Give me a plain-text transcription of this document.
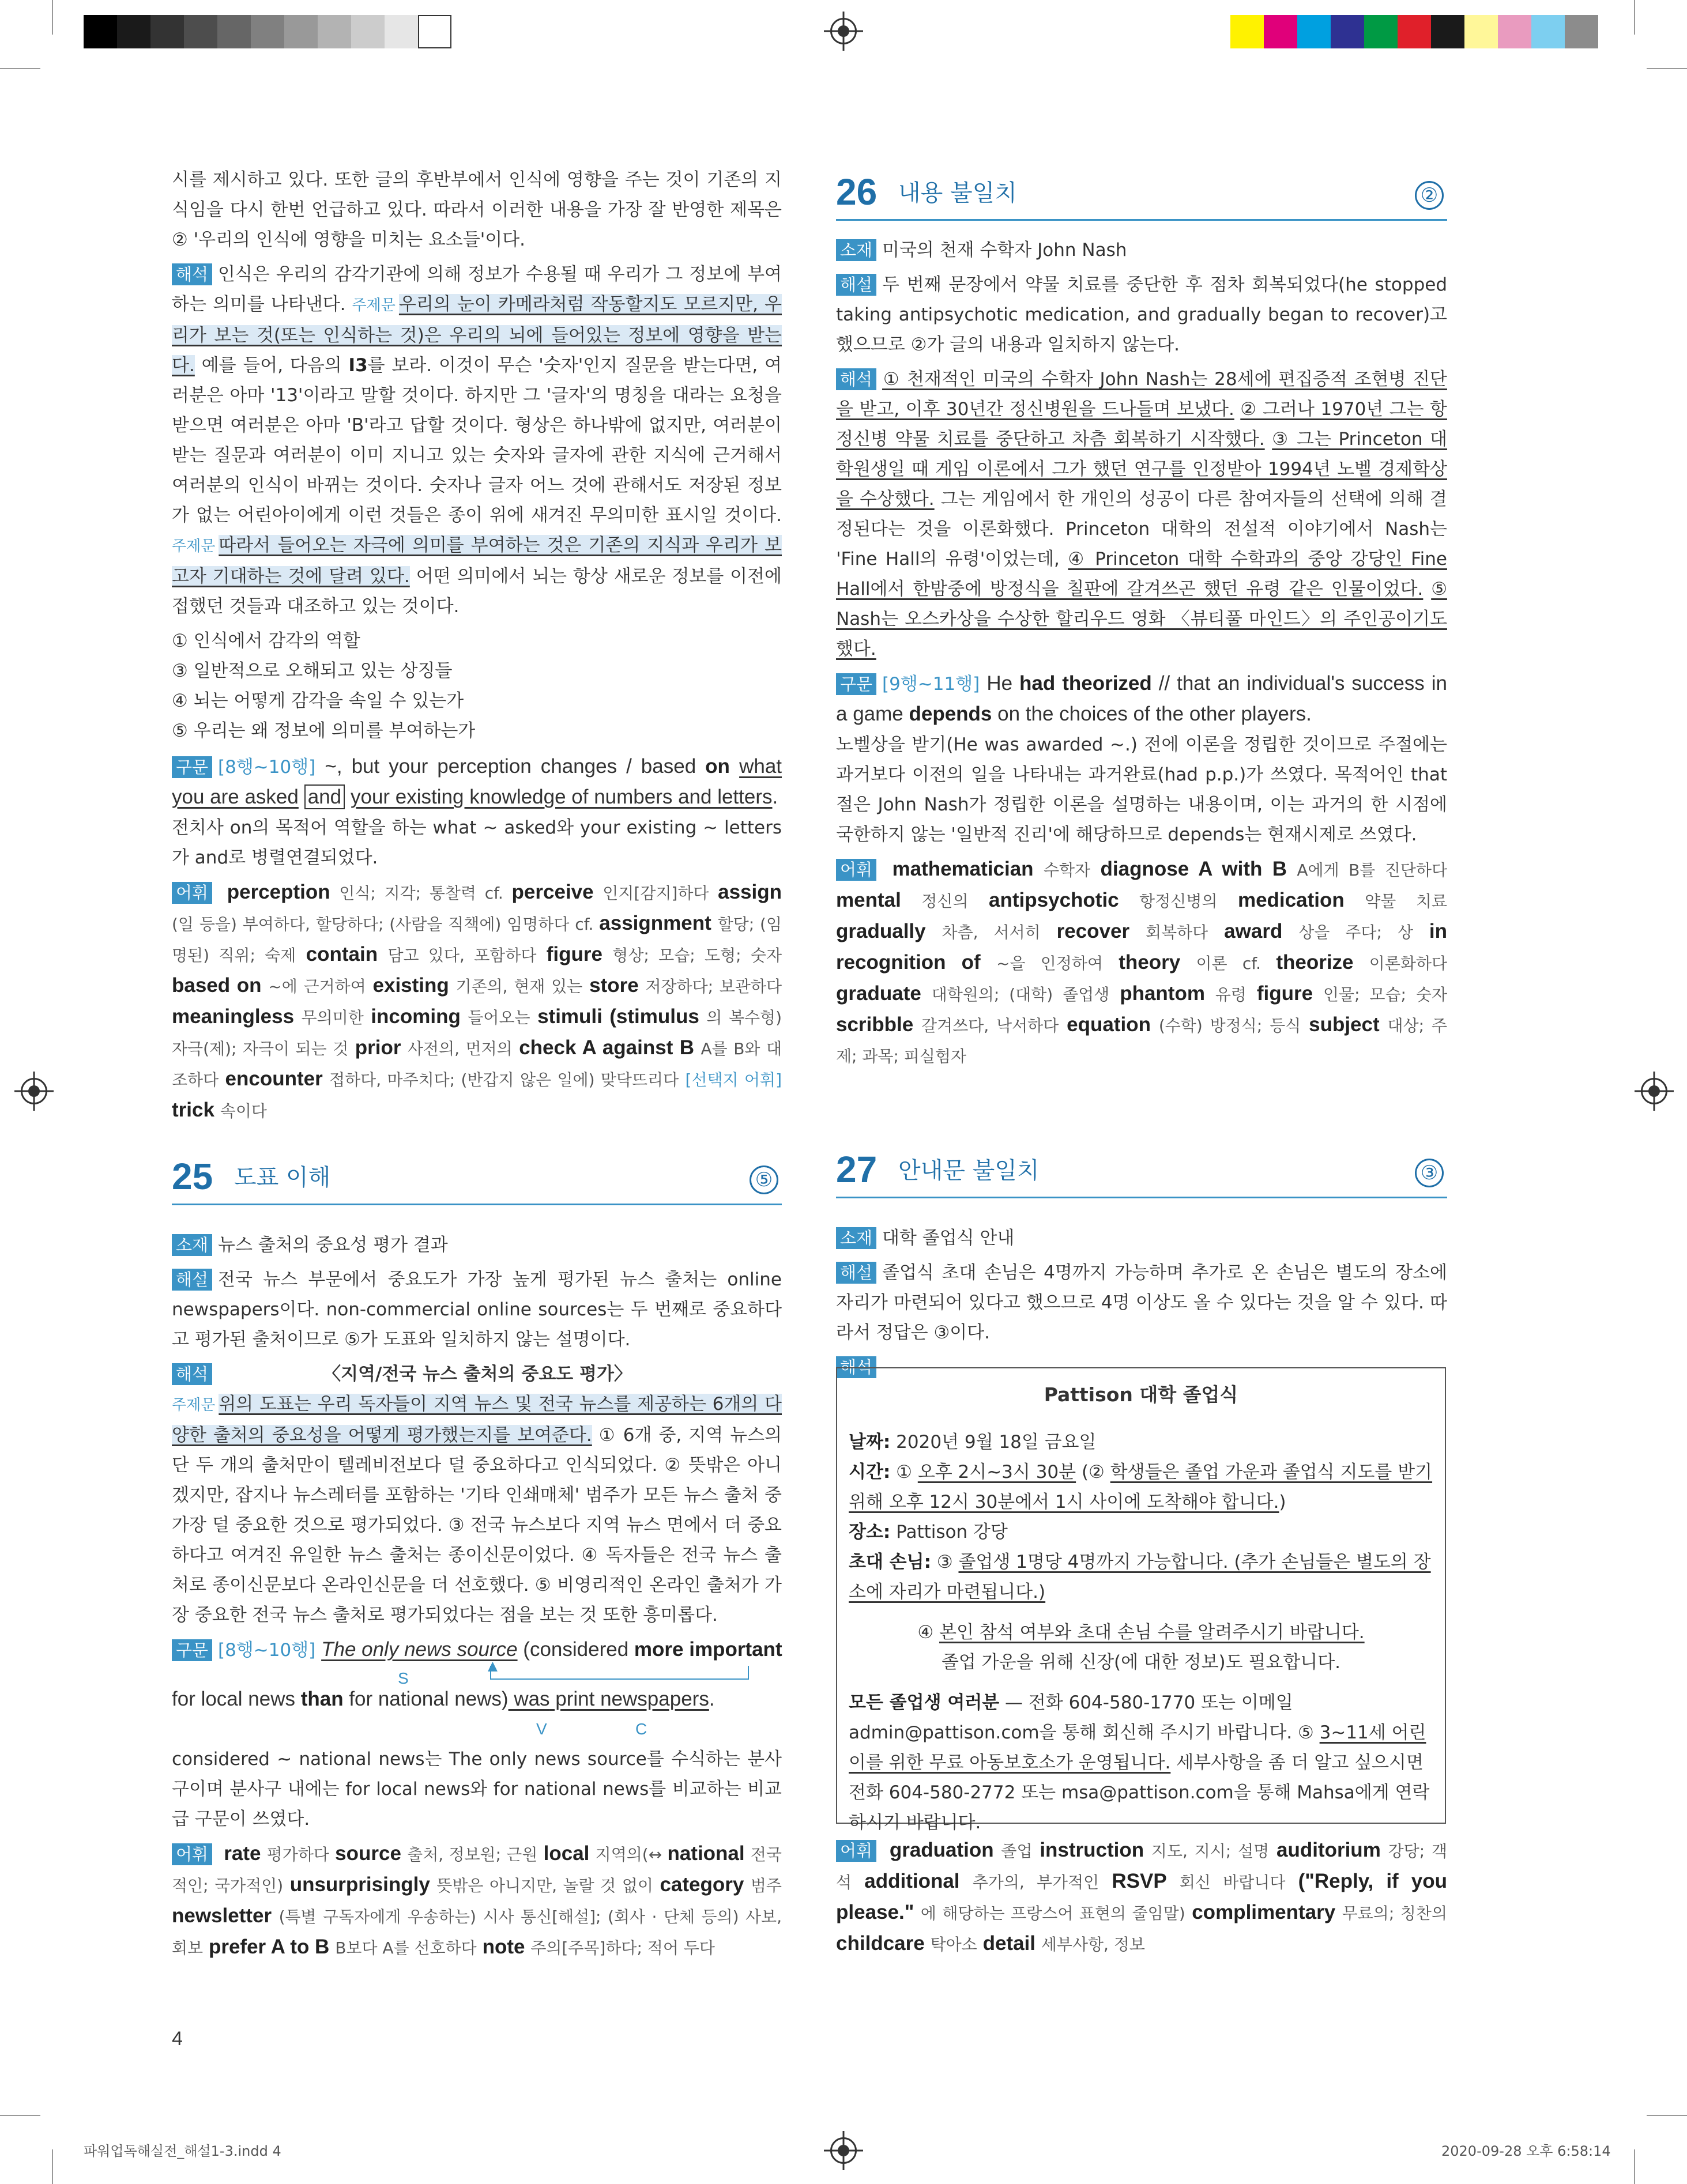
시를 제시하고 있다. 또한 글의 후반부에서 인식에 영향을 주는 것이 기존의 지식임을 다시 한번 언급하고 있다. 따라서 이러한 내용을 가장 잘 반영한 제목은 ② '우리의 인식에 영향을 미치는 요소들'이다.

해석 인식은 우리의 감각기관에 의해 정보가 수용될 때 우리가 그 정보에 부여하는 의미를 나타낸다. 주제문 우리의 눈이 카메라처럼 작동할지도 모르지만, 우리가 보는 것(또는 인식하는 것)은 우리의 뇌에 들어있는 정보에 영향을 받는다. 예를 들어, 다음의 I3를 보라. 이것이 무슨 '숫자'인지 질문을 받는다면, 여러분은 아마 '13'이라고 말할 것이다. 하지만 그 '글자'의 명칭을 대라는 요청을 받으면 여러분은 아마 'B'라고 답할 것이다. 형상은 하나밖에 없지만, 여러분이 받는 질문과 여러분이 이미 지니고 있는 숫자와 글자에 관한 지식에 근거해서 여러분의 인식이 바뀌는 것이다. 숫자나 글자 어느 것에 관해서도 저장된 정보가 없는 어린아이에게 이런 것들은 종이 위에 새겨진 무의미한 표시일 것이다. 주제문 따라서 들어오는 자극에 의미를 부여하는 것은 기존의 지식과 우리가 보고자 기대하는 것에 달려 있다. 어떤 의미에서 뇌는 항상 새로운 정보를 이전에 접했던 것들과 대조하고 있는 것이다.

① 인식에서 감각의 역할

③ 일반적으로 오해되고 있는 상징들

④ 뇌는 어떻게 감각을 속일 수 있는가

⑤ 우리는 왜 정보에 의미를 부여하는가

구문 [8행~10행] ~, but your perception changes / based on what you are asked and your existing knowledge of numbers and letters.
전치사 on의 목적어 역할을 하는 what ~ asked와 your existing ~ letters가 and로 병렬연결되었다.

어휘 perception 인식; 지각; 통찰력 cf. perceive 인지[감지]하다 assign (일 등을) 부여하다, 할당하다; (사람을 직책에) 임명하다 cf. assignment 할당; (임명된) 직위; 숙제 contain 담고 있다, 포함하다 figure 형상; 모습; 도형; 숫자 based on ~에 근거하여 existing 기존의, 현재 있는 store 저장하다; 보관하다 meaningless 무의미한 incoming 들어오는 stimuli (stimulus 의 복수형) 자극(제); 자극이 되는 것 prior 사전의, 먼저의 check A against B A를 B와 대조하다 encounter 접하다, 마주치다; (반갑지 않은 일에) 맞닥뜨리다 [선택지 어휘] trick 속이다

26 내용 불일치	②

소재 미국의 천재 수학자 John Nash

해설 두 번째 문장에서 약물 치료를 중단한 후 점차 회복되었다(he stopped taking antipsychotic medication, and gradually began to recover)고 했으므로 ②가 글의 내용과 일치하지 않는다.

해석 ① 천재적인 미국의 수학자 John Nash는 28세에 편집증적 조현병 진단을 받고, 이후 30년간 정신병원을 드나들며 보냈다. ② 그러나 1970년 그는 항정신병 약물 치료를 중단하고 차츰 회복하기 시작했다. ③ 그는 Princeton 대학원생일 때 게임 이론에서 그가 했던 연구를 인정받아 1994년 노벨 경제학상을 수상했다. 그는 게임에서 한 개인의 성공이 다른 참여자들의 선택에 의해 결정된다는 것을 이론화했다. Princeton 대학의 전설적 이야기에서 Nash는 'Fine Hall의 유령'이었는데, ④ Princeton 대학 수학과의 중앙 강당인 Fine Hall에서 한밤중에 방정식을 칠판에 갈겨쓰곤 했던 유령 같은 인물이었다. ⑤ Nash는 오스카상을 수상한 할리우드 영화 〈뷰티풀 마인드〉의 주인공이기도 했다.

구문 [9행~11행] He had theorized // that an individual's success in a game depends on the choices of the other players.
노벨상을 받기(He was awarded ~.) 전에 이론을 정립한 것이므로 주절에는 과거보다 이전의 일을 나타내는 과거완료(had p.p.)가 쓰였다. 목적어인 that절은 John Nash가 정립한 이론을 설명하는 내용이며, 이는 과거의 한 시점에 국한하지 않는 '일반적 진리'에 해당하므로 depends는 현재시제로 쓰였다.

어휘 mathematician 수학자 diagnose A with B A에게 B를 진단하다 mental 정신의 antipsychotic 항정신병의 medication 약물 치료 gradually 차츰, 서서히 recover 회복하다 award 상을 주다; 상 in recognition of ~을 인정하여 theory 이론 cf. theorize 이론화하다 graduate 대학원의; (대학) 졸업생 phantom 유령 figure 인물; 모습; 숫자 scribble 갈겨쓰다, 낙서하다 equation (수학) 방정식; 등식 subject 대상; 주제; 과목; 피실험자

25 도표 이해	⑤

소재 뉴스 출처의 중요성 평가 결과

해설 전국 뉴스 부문에서 중요도가 가장 높게 평가된 뉴스 출처는 online newspapers이다. non-commercial online sources는 두 번째로 중요하다고 평가된 출처이므로 ⑤가 도표와 일치하지 않는 설명이다.

해석	〈지역/전국 뉴스 출처의 중요도 평가〉

주제문 위의 도표는 우리 독자들이 지역 뉴스 및 전국 뉴스를 제공하는 6개의 다양한 출처의 중요성을 어떻게 평가했는지를 보여준다. ① 6개 중, 지역 뉴스의 단 두 개의 출처만이 텔레비전보다 덜 중요하다고 인식되었다. ② 뜻밖은 아니겠지만, 잡지나 뉴스레터를 포함하는 '기타 인쇄매체' 범주가 모든 뉴스 출처 중 가장 덜 중요한 것으로 평가되었다. ③ 전국 뉴스보다 지역 뉴스 면에서 더 중요하다고 여겨진 유일한 뉴스 출처는 종이신문이었다. ④ 독자들은 전국 뉴스 출처로 종이신문보다 온라인신문을 더 선호했다. ⑤ 비영리적인 온라인 출처가 가장 중요한 전국 뉴스 출처로 평가되었다는 점을 보는 것 또한 흥미롭다.

구문 [8행~10행] The only news source (considered more important
S
▲
for local news than for national news) was print newspapers.
V	C

considered ~ national news는 The only news source를 수식하는 분사구이며 분사구 내에는 for local news와 for national news를 비교하는 비교급 구문이 쓰였다.

어휘 rate 평가하다 source 출처, 정보원; 근원 local 지역의(↔ national 전국적인; 국가적인) unsurprisingly 뜻밖은 아니지만, 놀랄 것 없이 category 범주 newsletter (특별 구독자에게 우송하는) 시사 통신[해설]; (회사 · 단체 등의) 사보, 회보 prefer A to B B보다 A를 선호하다 note 주의[주목]하다; 적어 두다

27 안내문 불일치	③

소재 대학 졸업식 안내

해설 졸업식 초대 손님은 4명까지 가능하며 추가로 온 손님은 별도의 장소에 자리가 마련되어 있다고 했으므로 4명 이상도 올 수 있다는 것을 알 수 있다. 따라서 정답은 ③이다.

해석

Pattison 대학 졸업식

날짜: 2020년 9월 18일 금요일

시간: ① 오후 2시~3시 30분 (② 학생들은 졸업 가운과 졸업식 지도를 받기 위해 오후 12시 30분에서 1시 사이에 도착해야 합니다.)

장소: Pattison 강당

초대 손님: ③ 졸업생 1명당 4명까지 가능합니다. (추가 손님들은 별도의 장소에 자리가 마련됩니다.)

④ 본인 참석 여부와 초대 손님 수를 알려주시기 바랍니다.

졸업 가운을 위해 신장(에 대한 정보)도 필요합니다.

모든 졸업생 여러분 — 전화 604-580-1770 또는 이메일 admin@pattison.com을 통해 회신해 주시기 바랍니다. ⑤ 3~11세 어린이를 위한 무료 아동보호소가 운영됩니다. 세부사항을 좀 더 알고 싶으시면 전화 604-580-2772 또는 msa@pattison.com을 통해 Mahsa에게 연락하시기 바랍니다.

어휘 graduation 졸업 instruction 지도, 지시; 설명 auditorium 강당; 객석 additional 추가의, 부가적인 RSVP 회신 바랍니다 ("Reply, if you please." 에 해당하는 프랑스어 표현의 줄임말) complimentary 무료의; 칭찬의 childcare 탁아소 detail 세부사항, 정보

4
파워업독해실전_해설1-3.indd 4	2020-09-28 오후 6:58:14
